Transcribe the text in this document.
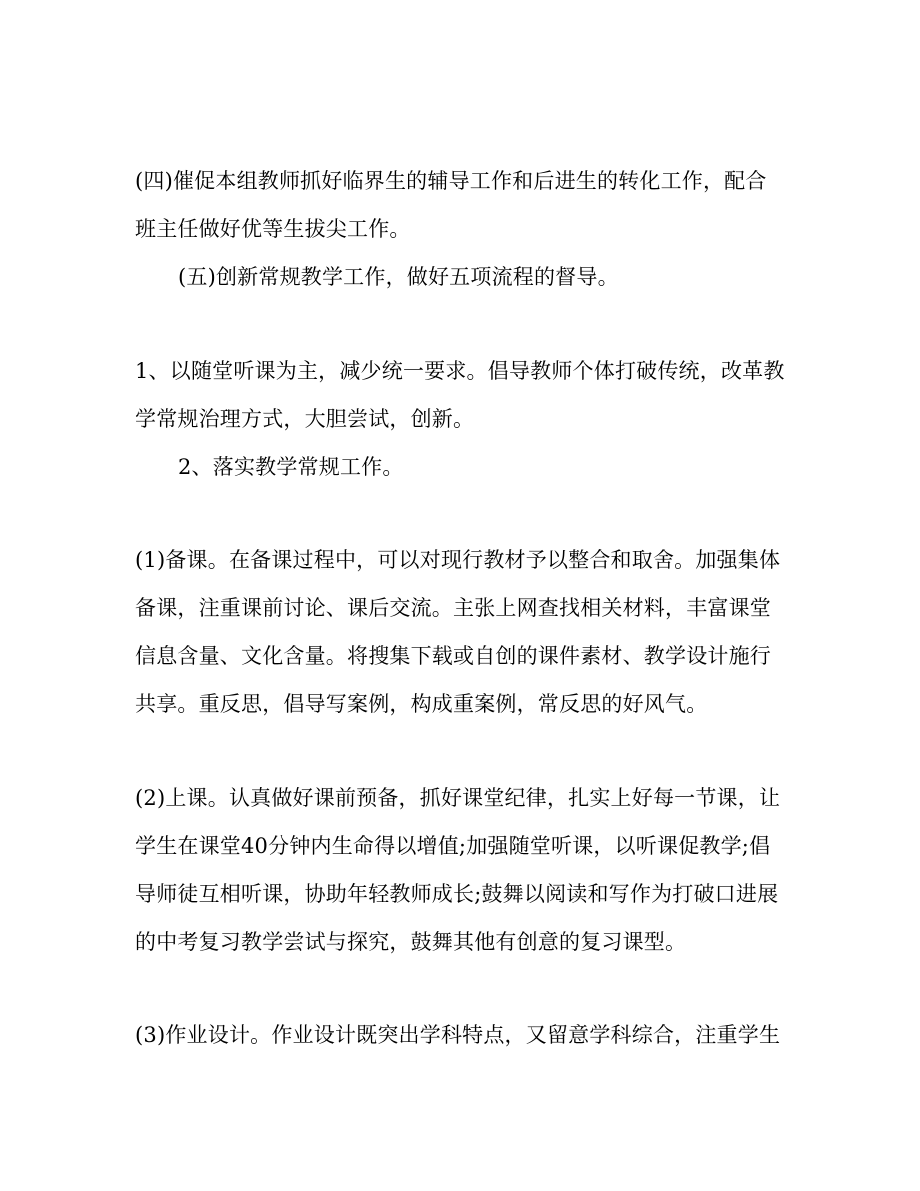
(四)催促本组教师抓好临界生的辅导工作和后进生的转化工作，配合
班主任做好优等生拔尖工作。
(五)创新常规教学工作，做好五项流程的督导。
1、以随堂听课为主，减少统一要求。倡导教师个体打破传统，改革教
学常规治理方式，大胆尝试，创新。
2、落实教学常规工作。
(1)备课。在备课过程中，可以对现行教材予以整合和取舍。加强集体
备课，注重课前讨论、课后交流。主张上网查找相关材料，丰富课堂
信息含量、文化含量。将搜集下载或自创的课件素材、教学设计施行
共享。重反思，倡导写案例，构成重案例，常反思的好风气。
(2)上课。认真做好课前预备，抓好课堂纪律，扎实上好每一节课，让
学生在课堂40分钟内生命得以增值;加强随堂听课，以听课促教学;倡
导师徒互相听课，协助年轻教师成长;鼓舞以阅读和写作为打破口进展
的中考复习教学尝试与探究，鼓舞其他有创意的复习课型。
(3)作业设计。作业设计既突出学科特点，又留意学科综合，注重学生
